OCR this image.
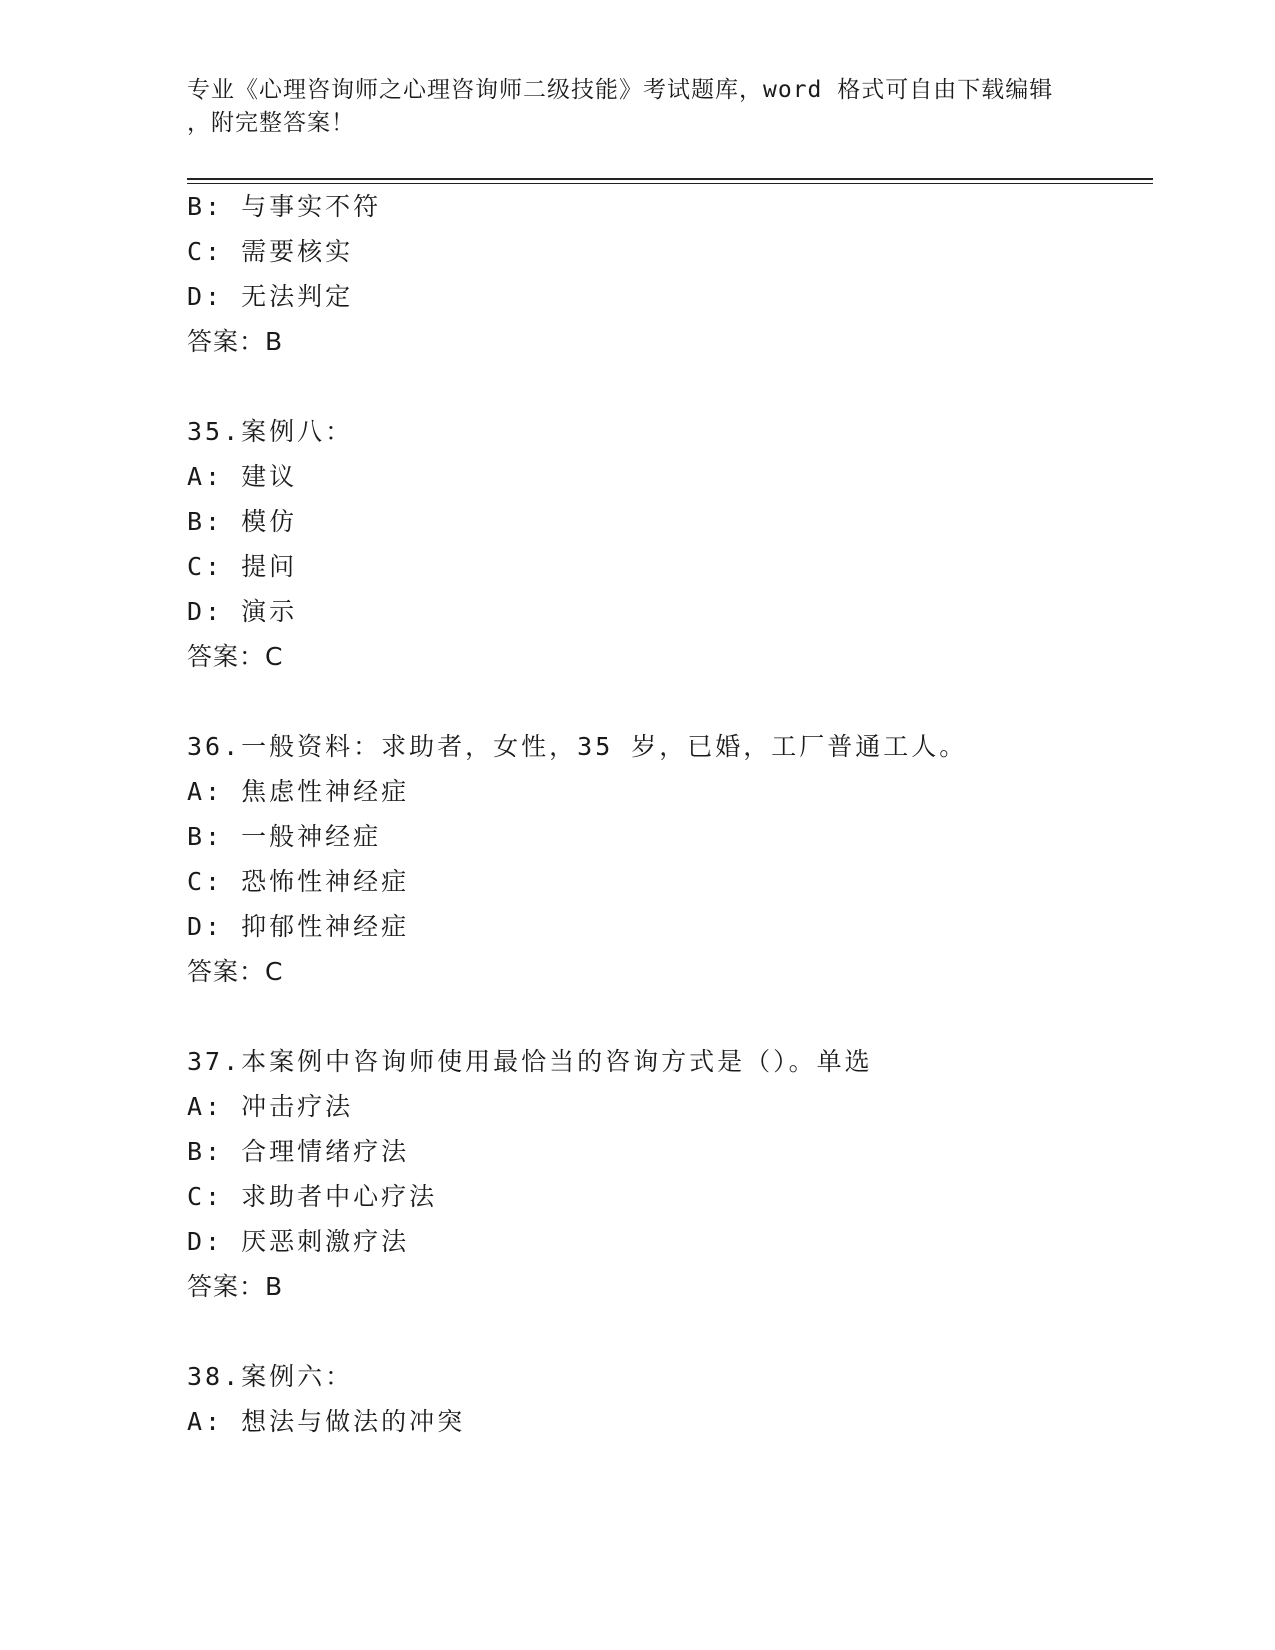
专业《心理咨询师之心理咨询师二级技能》考试题库，word 格式可自由下载编辑
，附完整答案！
B: 与事实不符
C: 需要核实
D: 无法判定
答案：B
35.案例八：
A: 建议
B: 模仿
C: 提问
D: 演示
答案：C
36.一般资料：求助者，女性，35 岁，已婚，工厂普通工人。
A: 焦虑性神经症
B: 一般神经症
C: 恐怖性神经症
D: 抑郁性神经症
答案：C
37.本案例中咨询师使用最恰当的咨询方式是（）。单选
A: 冲击疗法
B: 合理情绪疗法
C: 求助者中心疗法
D: 厌恶刺激疗法
答案：B
38.案例六：
A: 想法与做法的冲突
